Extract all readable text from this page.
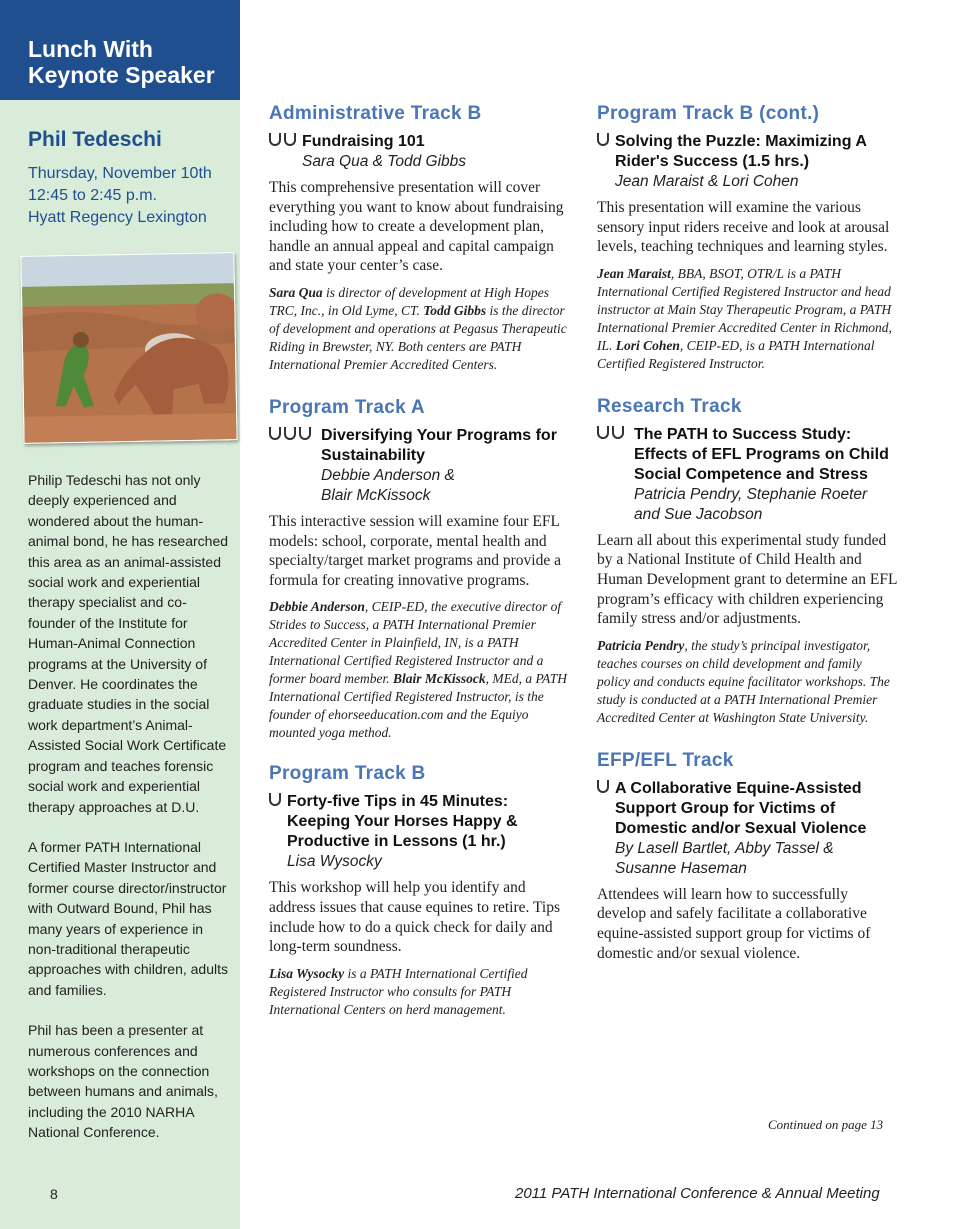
Lunch With
Keynote Speaker
Phil Tedeschi
Thursday, November 10th
12:45 to 2:45 p.m.
Hyatt Regency Lexington

Philip Tedeschi has not only deeply experienced and wondered about the human-animal bond, he has researched this area as an animal-assisted social work and experiential therapy specialist and co-founder of the Institute for Human-Animal Connection programs at the University of Denver. He coordinates the graduate studies in the social work department’s Animal-Assisted Social Work Certificate program and teaches forensic social work and experiential therapy approaches at D.U.

A former PATH International Certified Master Instructor and former course director/instructor with Outward Bound, Phil has many years of experience in non-traditional therapeutic approaches with children, adults and families.

Phil has been a presenter at numerous conferences and workshops on the connection between humans and animals, including the 2010 NARHA National Conference.

8
Administrative Track B
Fundraising 101
Sara Qua & Todd Gibbs

This comprehensive presentation will cover everything you want to know about fundraising including how to create a development plan, handle an annual appeal and capital campaign and state your center’s case.

Sara Qua is director of development at High Hopes TRC, Inc., in Old Lyme, CT. Todd Gibbs is the director of development and operations at Pegasus Therapeutic Riding in Brewster, NY. Both centers are PATH International Premier Accredited Centers.

Program Track A
Diversifying Your Programs for Sustainability
Debbie Anderson &
Blair McKissock

This interactive session will examine four EFL models: school, corporate, mental health and specialty/target market programs and provide a formula for creating innovative programs.

Debbie Anderson, CEIP-ED, the executive director of Strides to Success, a PATH International Premier Accredited Center in Plainfield, IN, is a PATH International Certified Registered Instructor and a former board member. Blair McKissock, MEd, a PATH International Certified Registered Instructor, is the founder of ehorseeducation.com and the Equiyo mounted yoga method.

Program Track B
Forty-five Tips in 45 Minutes: Keeping Your Horses Happy & Productive in Lessons (1 hr.)
Lisa Wysocky

This workshop will help you identify and address issues that cause equines to retire. Tips include how to do a quick check for daily and long-term soundness.

Lisa Wysocky is a PATH International Certified Registered Instructor who consults for PATH International Centers on herd management.

Program Track B (cont.)
Solving the Puzzle: Maximizing A Rider's Success (1.5 hrs.)
Jean Maraist & Lori Cohen

This presentation will examine the various sensory input riders receive and look at arousal levels, teaching techniques and learning styles.

Jean Maraist, BBA, BSOT, OTR/L is a PATH International Certified Registered Instructor and head instructor at Main Stay Therapeutic Program, a PATH International Premier Accredited Center in Richmond, IL. Lori Cohen, CEIP-ED, is a PATH International Certified Registered Instructor.

Research Track
The PATH to Success Study: Effects of EFL Programs on Child Social Competence and Stress
Patricia Pendry, Stephanie Roeter and Sue Jacobson

Learn all about this experimental study funded by a National Institute of Child Health and Human Development grant to determine an EFL program’s efficacy with children experiencing family stress and/or adjustments.

Patricia Pendry, the study’s principal investigator, teaches courses on child development and family policy and conducts equine facilitator workshops. The study is conducted at a PATH International Premier Accredited Center at Washington State University.

EFP/EFL Track
A Collaborative Equine-Assisted Support Group for Victims of Domestic and/or Sexual Violence
By Lasell Bartlet, Abby Tassel & Susanne Haseman

Attendees will learn how to successfully develop and safely facilitate a collaborative equine-assisted support group for victims of domestic and/or sexual violence.

Continued on page 13
2011 PATH International Conference & Annual Meeting
